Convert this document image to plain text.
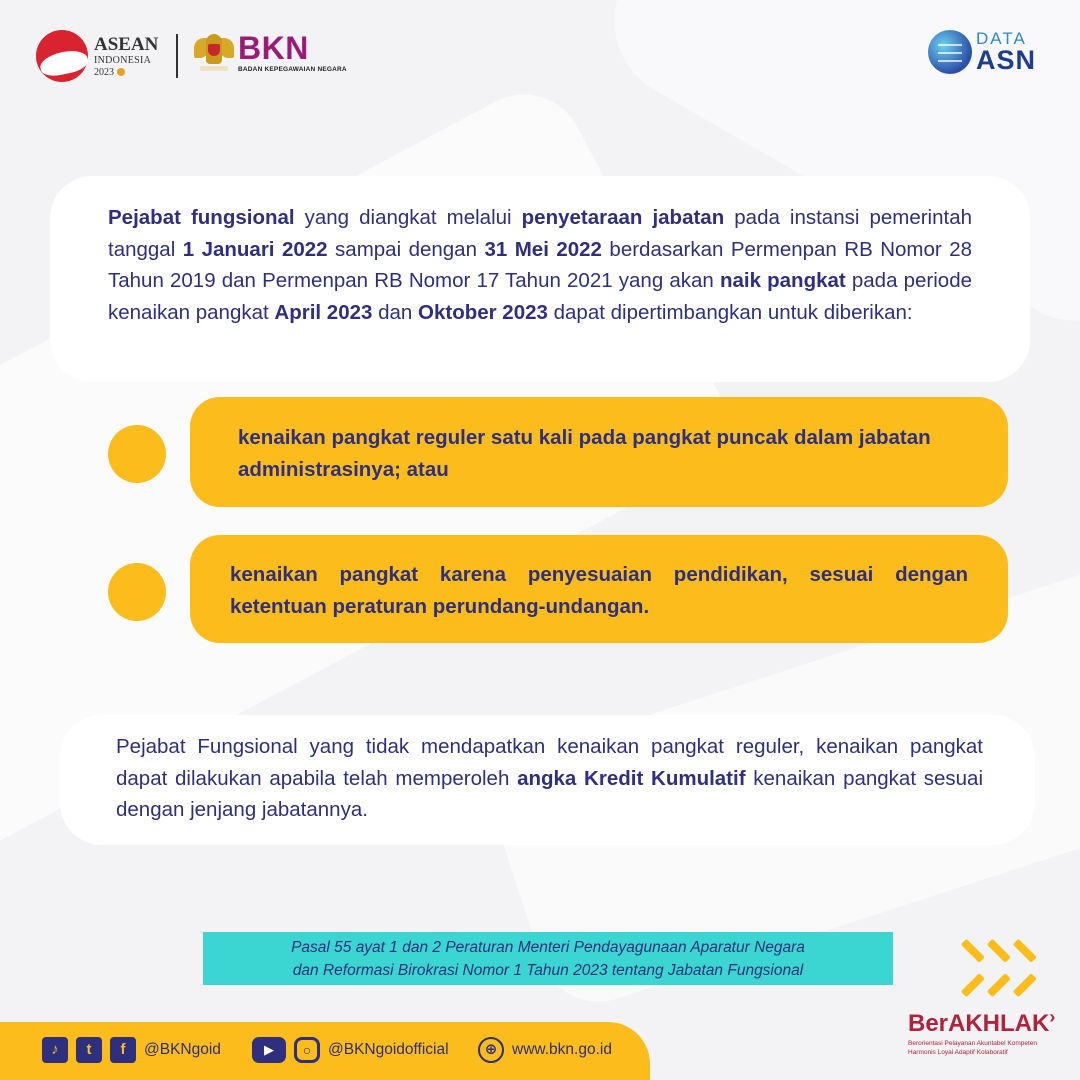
ASEAN
INDONESIA
2023
BKN
BADAN KEPEGAWAIAN NEGARA
DATA
ASN

Pejabat fungsional yang diangkat melalui penyetaraan jabatan pada instansi pemerintah tanggal 1 Januari 2022 sampai dengan 31 Mei 2022 berdasarkan Permenpan RB Nomor 28 Tahun 2019 dan Permenpan RB Nomor 17 Tahun 2021 yang akan naik pangkat pada periode kenaikan pangkat April 2023 dan Oktober 2023 dapat dipertimbangkan untuk diberikan:

kenaikan pangkat reguler satu kali pada pangkat puncak dalam jabatan administrasinya; atau
kenaikan pangkat karena penyesuaian pendidikan, sesuai dengan ketentuan peraturan perundang-undangan.

Pejabat Fungsional yang tidak mendapatkan kenaikan pangkat reguler, kenaikan pangkat dapat dilakukan apabila telah memperoleh angka Kredit Kumulatif kenaikan pangkat sesuai dengan jenjang jabatannya.

Pasal 55 ayat 1 dan 2 Peraturan Menteri Pendayagunaan Aparatur Negara
dan Reformasi Birokrasi Nomor 1 Tahun 2023 tentang Jabatan Fungsional
♪	t	f	@BKNgoid	▶	○	@BKNgoidofficial	⊕ www.bkn.go.id
BerAKHLAK›
Berorientasi Pelayanan Akuntabel Kompeten
Harmonis Loyal Adaptif Kolaboratif
